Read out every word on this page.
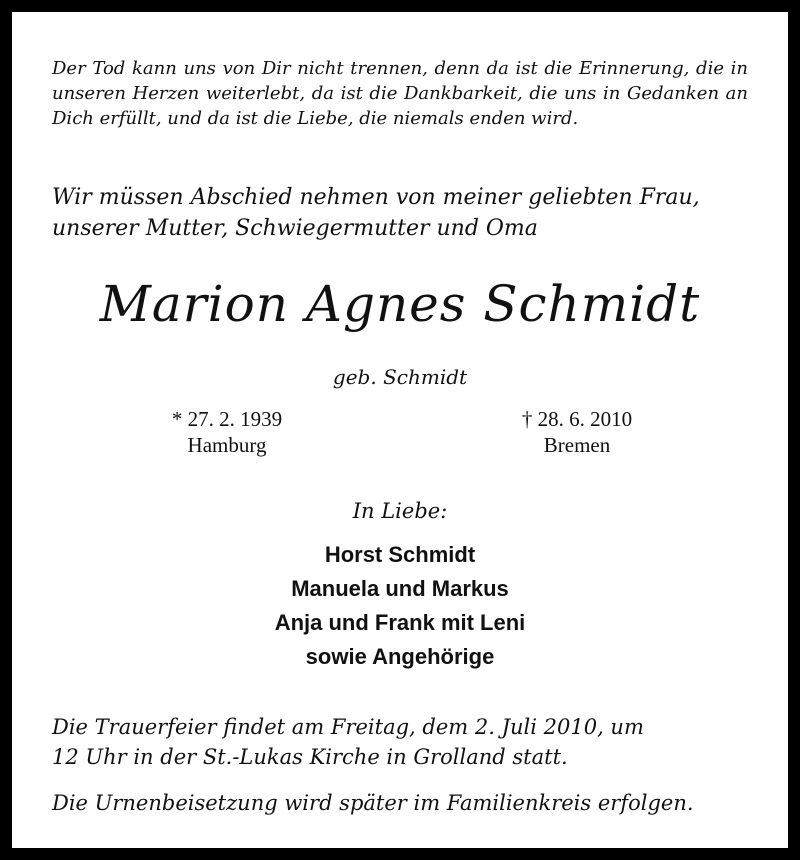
Der Tod kann uns von Dir nicht trennen, denn da ist die Erinnerung, die in unseren Herzen weiterlebt, da ist die Dankbarkeit, die uns in Gedanken an Dich erfüllt, und da ist die Liebe, die niemals enden wird.
Wir müssen Abschied nehmen von meiner geliebten Frau,
unserer Mutter, Schwiegermutter und Oma
Marion Agnes Schmidt
geb. Schmidt
* 27. 2. 1939
Hamburg
† 28. 6. 2010
Bremen
In Liebe:
Horst Schmidt
Manuela und Markus
Anja und Frank mit Leni
sowie Angehörige
Die Trauerfeier findet am Freitag, dem 2. Juli 2010, um
12 Uhr in der St.-Lukas Kirche in Grolland statt.
Die Urnenbeisetzung wird später im Familienkreis erfolgen.
